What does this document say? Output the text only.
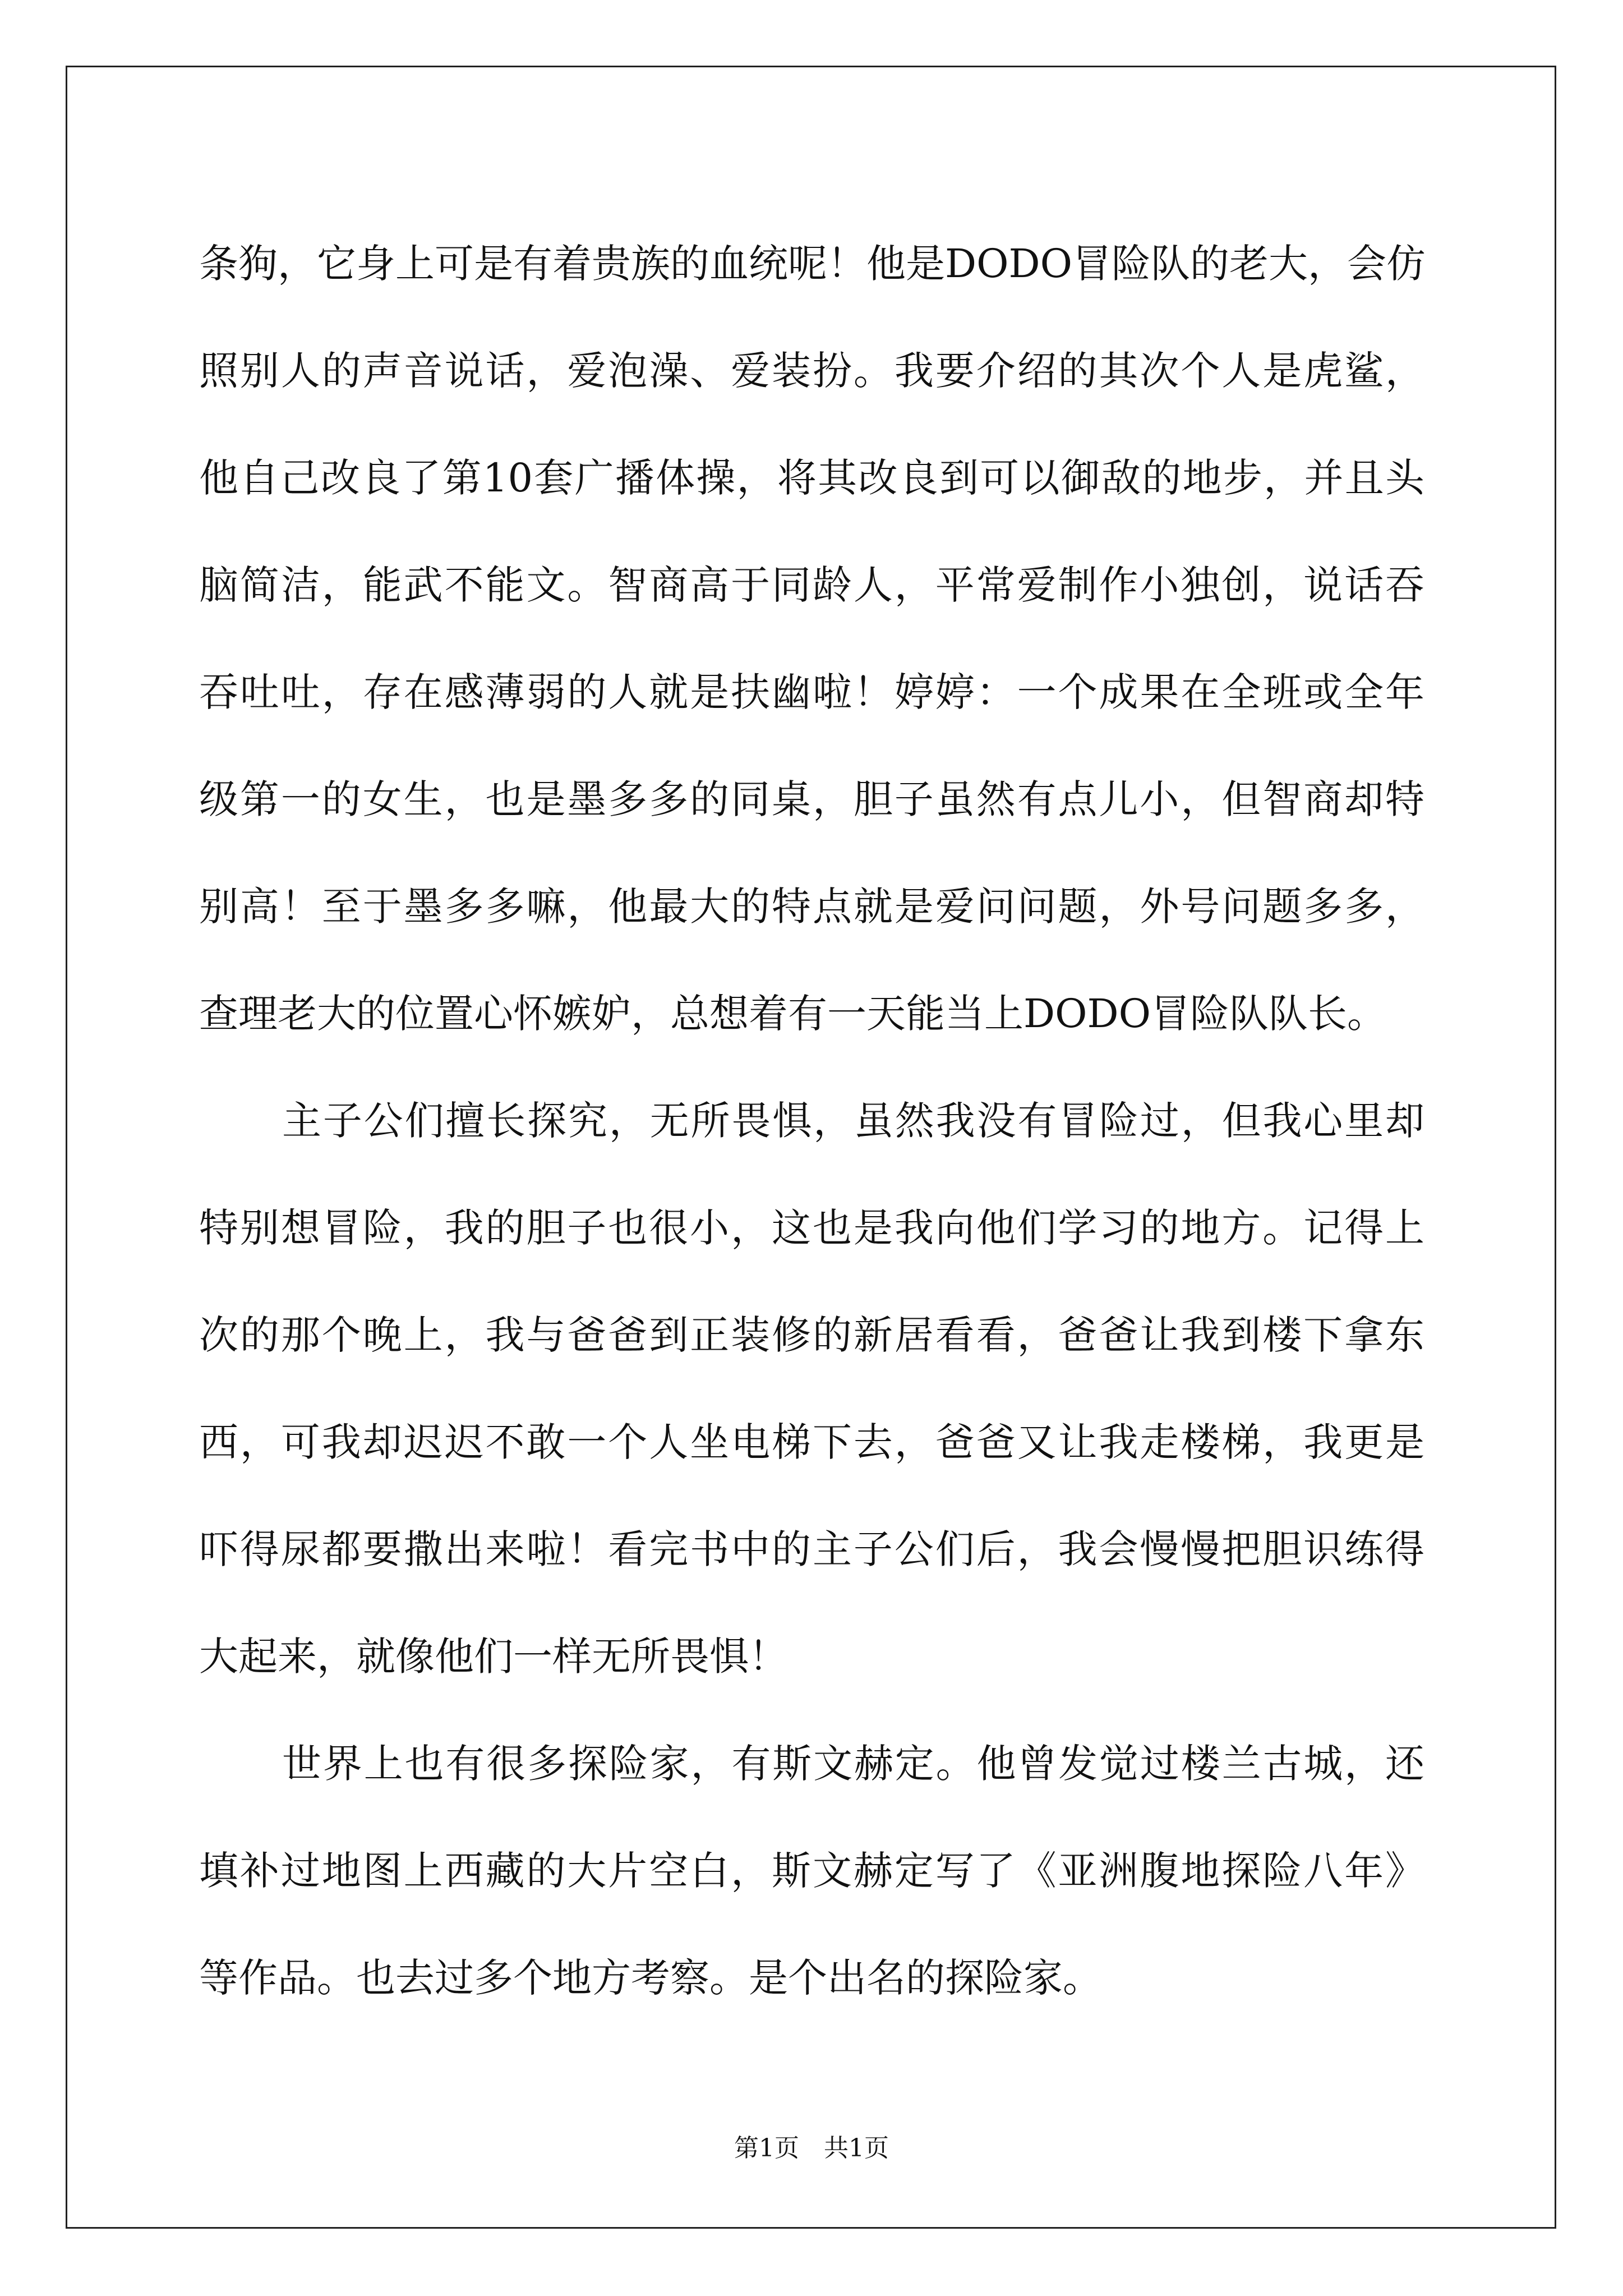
条狗，它身上可是有着贵族的血统呢！他是DODO冒险队的老大，会仿
照别人的声音说话，爱泡澡、爱装扮。我要介绍的其次个人是虎鲨，
他自己改良了第10套广播体操，将其改良到可以御敌的地步，并且头
脑简洁，能武不能文。智商高于同龄人，平常爱制作小独创，说话吞
吞吐吐，存在感薄弱的人就是扶幽啦！婷婷：一个成果在全班或全年
级第一的女生，也是墨多多的同桌，胆子虽然有点儿小，但智商却特
别高！至于墨多多嘛，他最大的特点就是爱问问题，外号问题多多，
查理老大的位置心怀嫉妒，总想着有一天能当上DODO冒险队队长。
主子公们擅长探究，无所畏惧，虽然我没有冒险过，但我心里却
特别想冒险，我的胆子也很小，这也是我向他们学习的地方。记得上
次的那个晚上，我与爸爸到正装修的新居看看，爸爸让我到楼下拿东
西，可我却迟迟不敢一个人坐电梯下去，爸爸又让我走楼梯，我更是
吓得尿都要撒出来啦！看完书中的主子公们后，我会慢慢把胆识练得
大起来，就像他们一样无所畏惧！
世界上也有很多探险家，有斯文赫定。他曾发觉过楼兰古城，还
填补过地图上西藏的大片空白，斯文赫定写了《亚洲腹地探险八年》
等作品。也去过多个地方考察。是个出名的探险家。
第1页　共1页
